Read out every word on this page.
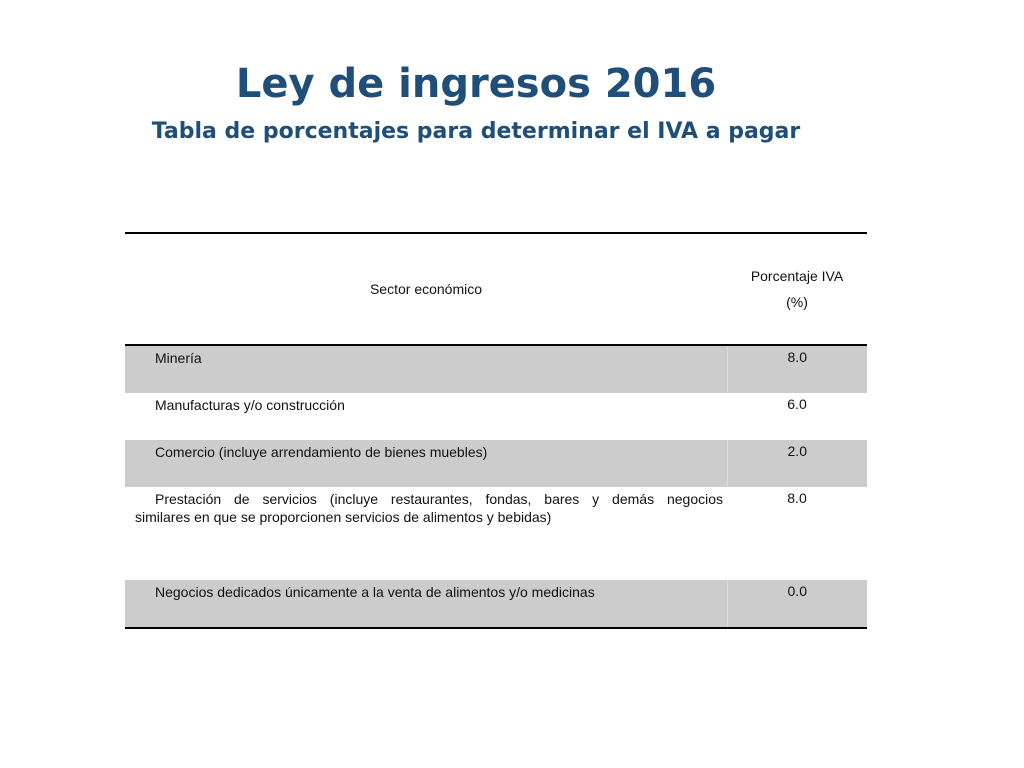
Ley de ingresos 2016
Tabla de porcentajes para determinar el IVA a pagar
Sector económico	Porcentaje IVA
(%)

Minería	8.0
Manufacturas y/o construcción	6.0
Comercio (incluye arrendamiento de bienes muebles)	2.0

Prestación de servicios (incluye restaurantes, fondas, bares y demás negocios
similares en que se proporcionen servicios de alimentos y bebidas)	8.0
Negocios dedicados únicamente a la venta de alimentos y/o medicinas	0.0
